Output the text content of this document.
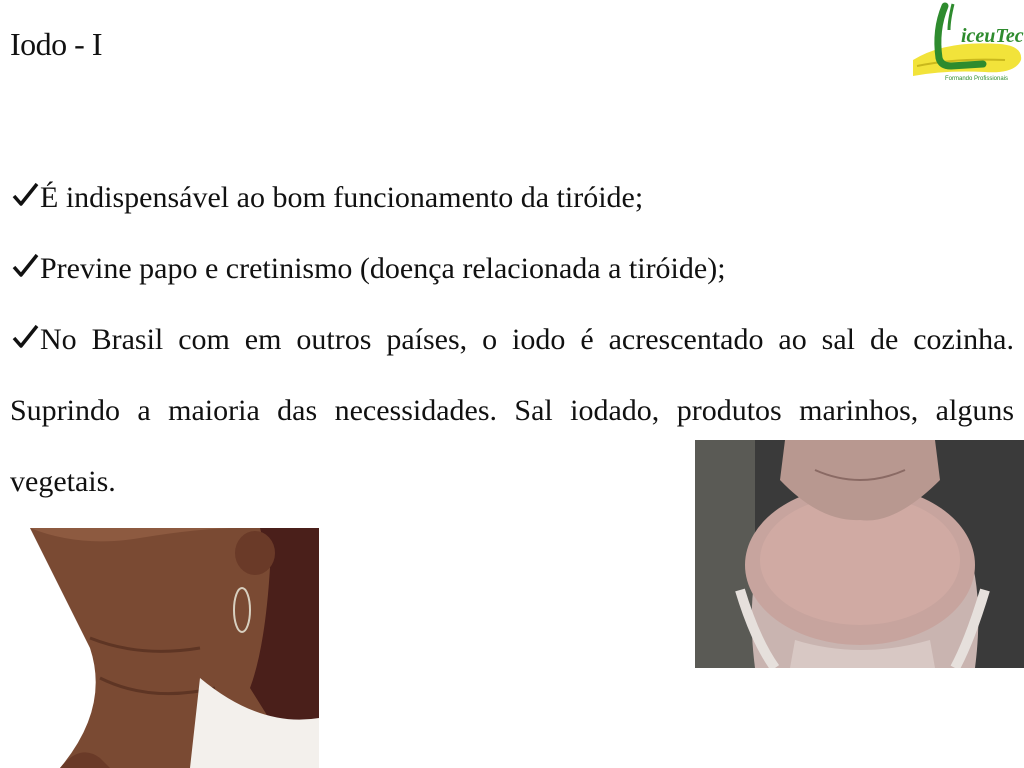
Iodo - I	iceuTec
Formando Profissionais
É indispensável ao bom funcionamento da tiróide;
Previne papo e cretinismo (doença relacionada a tiróide);
No Brasil com em outros países, o iodo é acrescentado ao sal de cozinha. Suprindo a maioria das necessidades. Sal iodado, produtos marinhos, alguns vegetais.
